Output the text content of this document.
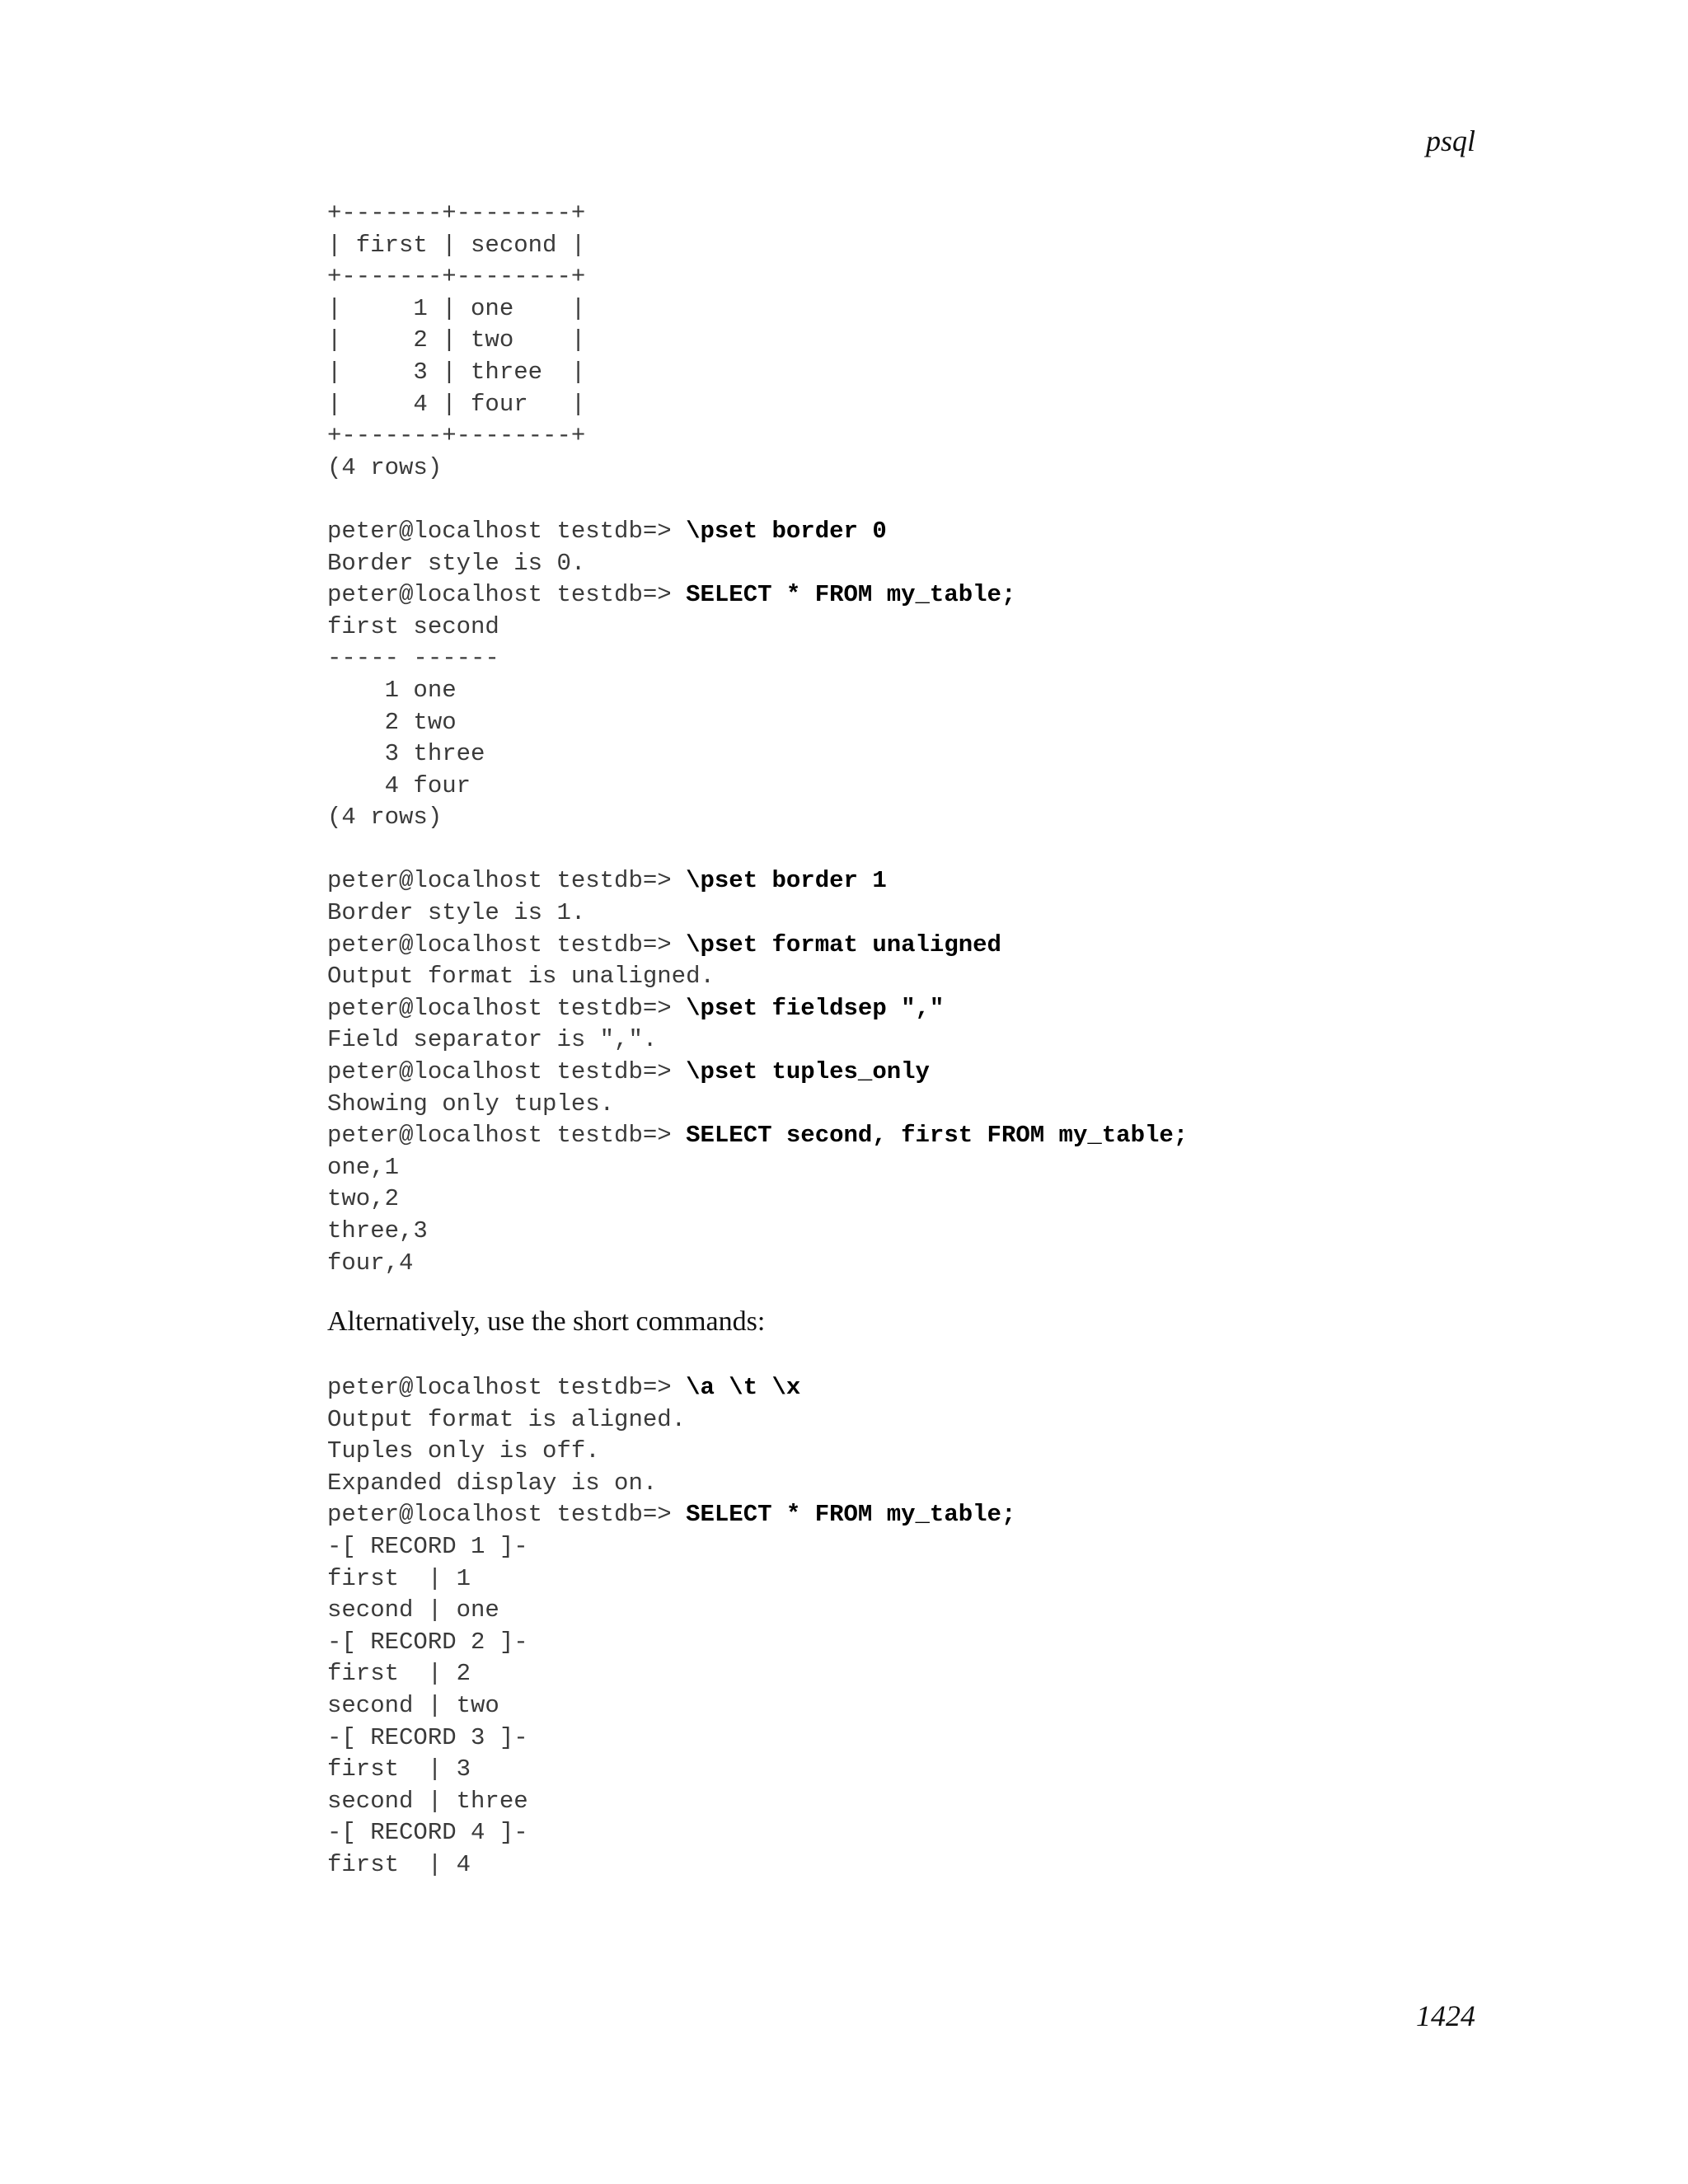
psql
+-------+--------+
| first | second |
+-------+--------+
|     1 | one    |
|     2 | two    |
|     3 | three  |
|     4 | four   |
+-------+--------+
(4 rows)
peter@localhost testdb=> \pset border 0
Border style is 0.
peter@localhost testdb=> SELECT * FROM my_table;
first second
----- ------
1 one
2 two
3 three
4 four
(4 rows)
peter@localhost testdb=> \pset border 1
Border style is 1.
peter@localhost testdb=> \pset format unaligned
Output format is unaligned.
peter@localhost testdb=> \pset fieldsep ","
Field separator is ",".
peter@localhost testdb=> \pset tuples_only
Showing only tuples.
peter@localhost testdb=> SELECT second, first FROM my_table;
one,1
two,2
three,3
four,4

Alternatively, use the short commands:

peter@localhost testdb=> \a \t \x
Output format is aligned.
Tuples only is off.
Expanded display is on.
peter@localhost testdb=> SELECT * FROM my_table;
-[ RECORD 1 ]-
first  | 1
second | one
-[ RECORD 2 ]-
first  | 2
second | two
-[ RECORD 3 ]-
first  | 3
second | three
-[ RECORD 4 ]-
first  | 4
1424
